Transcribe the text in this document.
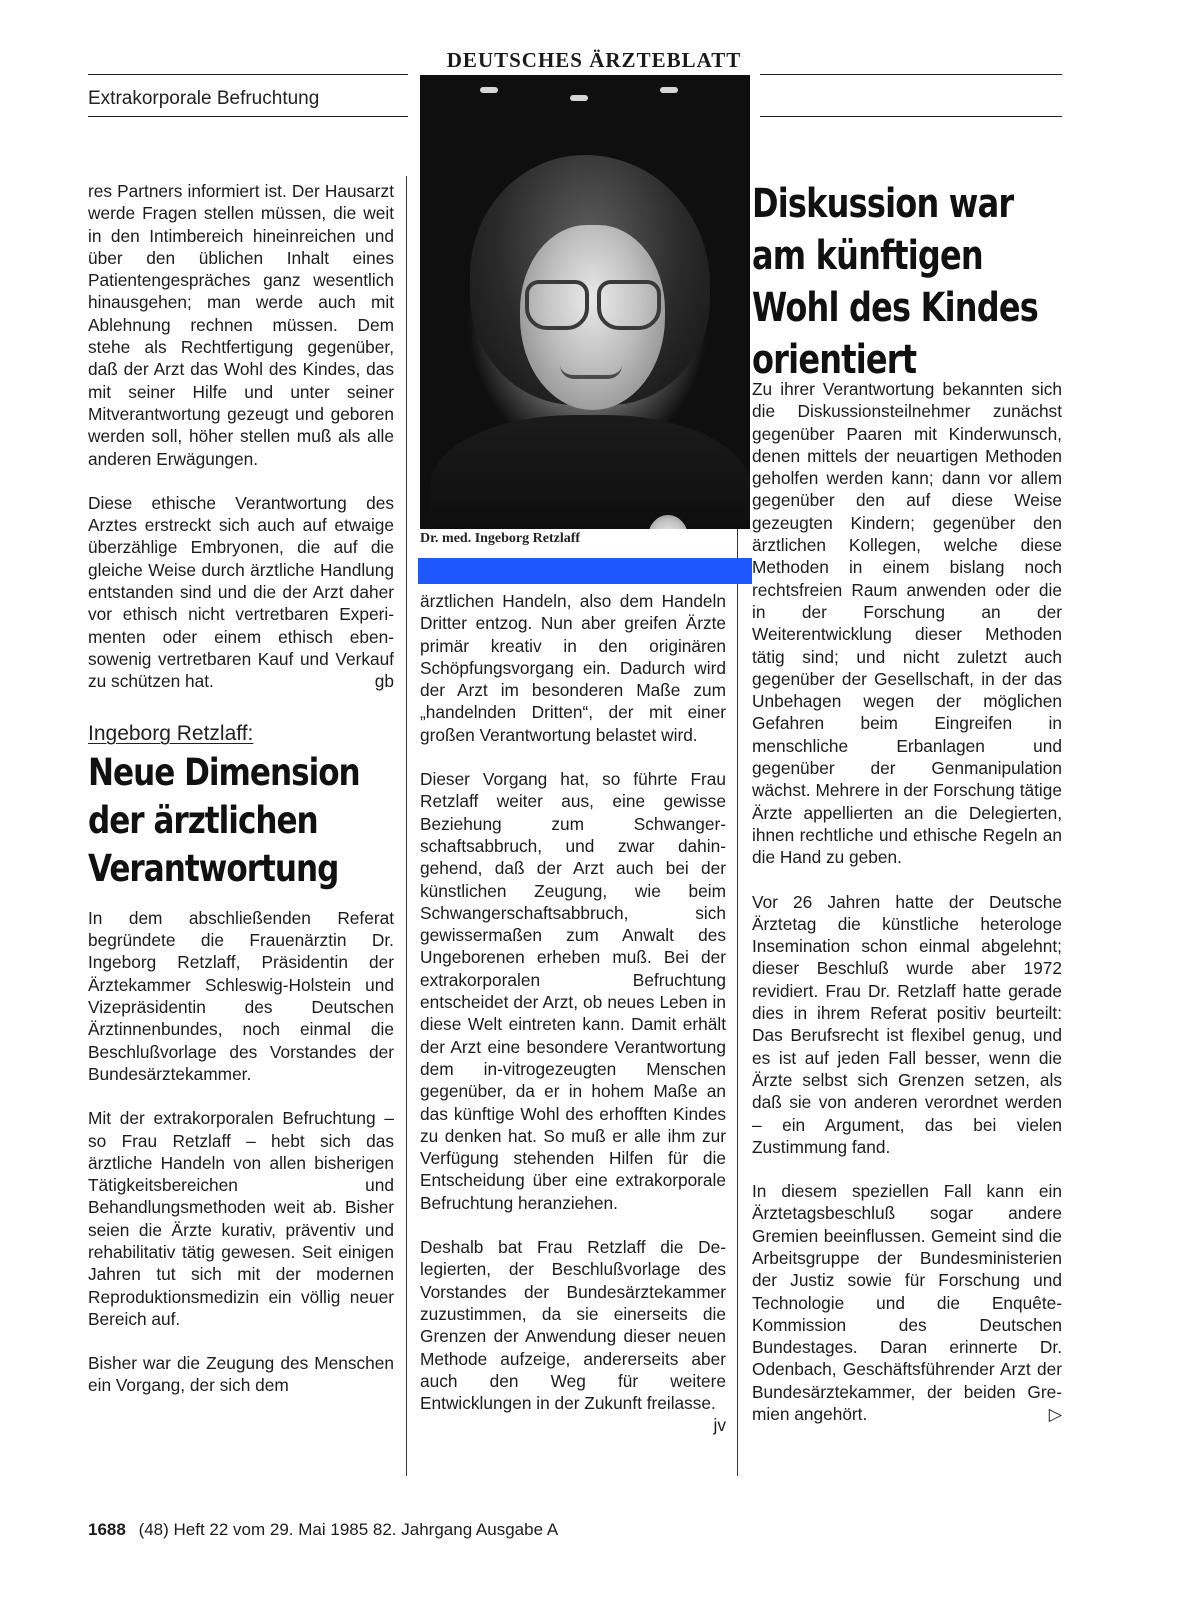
DEUTSCHES ÄRZTEBLATT
Extrakorporale Befruchtung
Dr. med. Ingeborg Retzlaff

res Partners informiert ist. Der Hausarzt werde Fragen stellen müssen, die weit in den Intimbereich hineinreichen und über den üblichen Inhalt eines Patientengespräches ganz wesentlich hinausgehen; man werde auch mit Ablehnung rechnen müssen. Dem stehe als Rechtfertigung gegenüber, daß der Arzt das Wohl des Kindes, das mit seiner Hilfe und unter seiner Mitverantwortung gezeugt und geboren werden soll, höher stellen muß als alle anderen Erwägungen.

Diese ethische Verantwortung des Arztes erstreckt sich auch auf etwaige überzählige Embryonen, die auf die gleiche Weise durch ärztliche Handlung entstanden sind und die der Arzt daher vor ethisch nicht vertretbaren Experimenten oder einem ethisch ebensowenig vertretbaren Kauf und Verkauf zu schützen hat.	gb

Ingeborg Retzlaff:
Neue Dimension
der ärztlichen
Verantwortung

In dem abschließenden Referat begründete die Frauenärztin Dr. Ingeborg Retzlaff, Präsidentin der Ärztekammer Schleswig-Holstein und Vizepräsidentin des Deutschen Ärztinnenbundes, noch einmal die Beschlußvorlage des Vorstandes der Bundesärztekammer.

Mit der extrakorporalen Befruchtung – so Frau Retzlaff – hebt sich das ärztliche Handeln von allen bisherigen Tätigkeitsbereichen und Behandlungsmethoden weit ab. Bisher seien die Ärzte kurativ, präventiv und rehabilitativ tätig gewesen. Seit einigen Jahren tut sich mit der modernen Reproduktionsmedizin ein völlig neuer Bereich auf.

Bisher war die Zeugung des Menschen ein Vorgang, der sich dem

ärztlichen Handeln, also dem Handeln Dritter entzog. Nun aber greifen Ärzte primär kreativ in den originären Schöpfungsvorgang ein. Dadurch wird der Arzt im besonderen Maße zum „handelnden Dritten“, der mit einer großen Verantwortung belastet wird.

Dieser Vorgang hat, so führte Frau Retzlaff weiter aus, eine gewisse Beziehung zum Schwangerschaftsabbruch, und zwar dahingehend, daß der Arzt auch bei der künstlichen Zeugung, wie beim Schwangerschaftsabbruch, sich gewissermaßen zum Anwalt des Ungeborenen erheben muß. Bei der extrakorporalen Befruchtung entscheidet der Arzt, ob neues Leben in diese Welt eintreten kann. Damit erhält der Arzt eine besondere Verantwortung dem in-vitrogezeugten Menschen gegenüber, da er in hohem Maße an das künftige Wohl des erhofften Kindes zu denken hat. So muß er alle ihm zur Verfügung stehenden Hilfen für die Entscheidung über eine extrakorporale Befruchtung heranziehen.

Deshalb bat Frau Retzlaff die Delegierten, der Beschlußvorlage des Vorstandes der Bundesärztekammer zuzustimmen, da sie einerseits die Grenzen der Anwendung dieser neuen Methode aufzeige, andererseits aber auch den Weg für weitere Entwicklungen in der Zukunft freilasse.
jv

Diskussion war
am künftigen
Wohl des Kindes
orientiert

Zu ihrer Verantwortung bekannten sich die Diskussionsteilnehmer zunächst gegenüber Paaren mit Kinderwunsch, denen mittels der neuartigen Methoden geholfen werden kann; dann vor allem gegenüber den auf diese Weise gezeugten Kindern; gegenüber den ärztlichen Kollegen, welche diese Methoden in einem bislang noch rechtsfreien Raum anwenden oder die in der Forschung an der Weiterentwicklung dieser Methoden tätig sind; und nicht zuletzt auch gegenüber der Gesellschaft, in der das Unbehagen wegen der möglichen Gefahren beim Eingreifen in menschliche Erbanlagen und gegenüber der Genmanipulation wächst. Mehrere in der Forschung tätige Ärzte appellierten an die Delegierten, ihnen rechtliche und ethische Regeln an die Hand zu geben.

Vor 26 Jahren hatte der Deutsche Ärztetag die künstliche heterologe Insemination schon einmal abgelehnt; dieser Beschluß wurde aber 1972 revidiert. Frau Dr. Retzlaff hatte gerade dies in ihrem Referat positiv beurteilt: Das Berufsrecht ist flexibel genug, und es ist auf jeden Fall besser, wenn die Ärzte selbst sich Grenzen setzen, als daß sie von anderen verordnet werden – ein Argument, das bei vielen Zustimmung fand.

In diesem speziellen Fall kann ein Ärztetagsbeschluß sogar andere Gremien beeinflussen. Gemeint sind die Arbeitsgruppe der Bundesministerien der Justiz sowie für Forschung und Technologie und die Enquête-Kommission des Deutschen Bundestages. Daran erinnerte Dr. Odenbach, Geschäftsführender Arzt der Bundesärztekammer, der beiden Gremien angehört.	▷

1688 (48) Heft 22 vom 29. Mai 1985 82. Jahrgang Ausgabe A
